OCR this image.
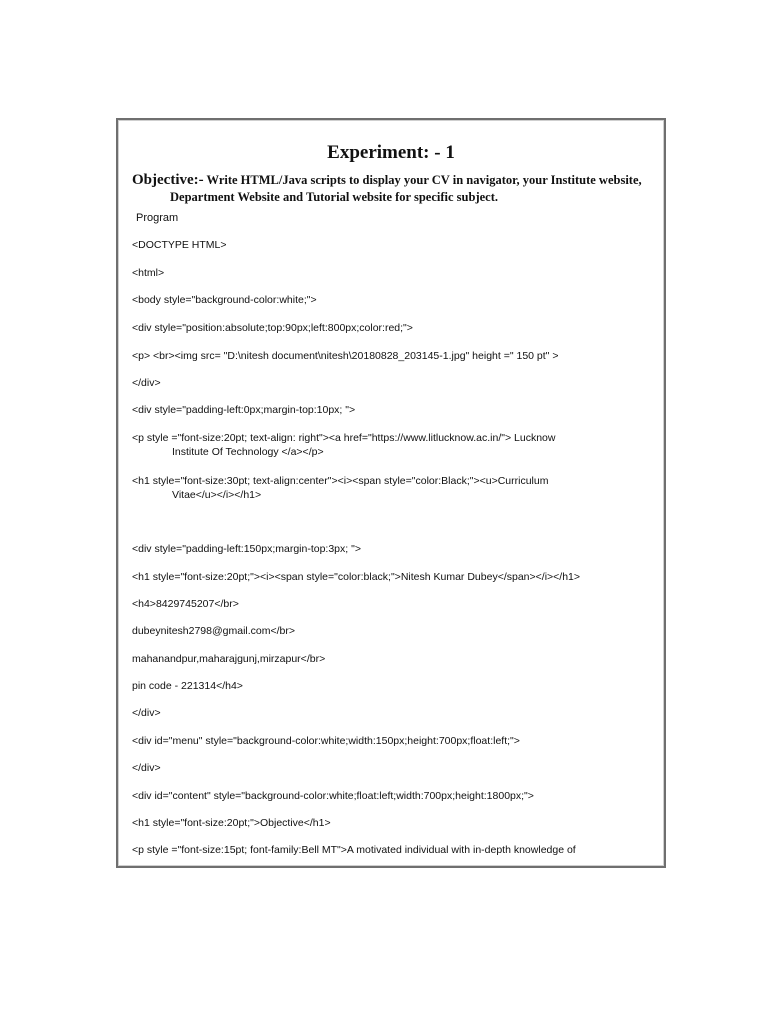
Experiment: - 1
Objective:- Write HTML/Java scripts to display your CV in navigator, your Institute website,
Department Website and Tutorial website for specific subject.
Program
<DOCTYPE HTML>
<html>
<body style="background-color:white;">
<div style="position:absolute;top:90px;left:800px;color:red;">
<p> <br><img src= "D:\nitesh document\nitesh\20180828_203145-1.jpg" height =" 150 pt" >
</div>
<div style="padding-left:0px;margin-top:10px; ">
<p style ="font-size:20pt; text-align: right"><a href="https://www.litlucknow.ac.in/"> Lucknow
Institute Of Technology </a></p>
<h1 style="font-size:30pt; text-align:center"><i><span style="color:Black;"><u>Curriculum
Vitae</u></i></h1>
<div style="padding-left:150px;margin-top:3px; ">
<h1 style="font-size:20pt;"><i><span style="color:black;">Nitesh Kumar Dubey</span></i></h1>
<h4>8429745207</br>
dubeynitesh2798@gmail.com</br>
mahanandpur,maharajgunj,mirzapur</br>
pin code - 221314</h4>
</div>
<div id="menu" style="background-color:white;width:150px;height:700px;float:left;">
</div>
<div id="content" style="background-color:white;float:left;width:700px;height:1800px;">
<h1 style="font-size:20pt;">Objective</h1>
<p style ="font-size:15pt; font-family:Bell MT">A motivated individual with in-depth knowledge of
